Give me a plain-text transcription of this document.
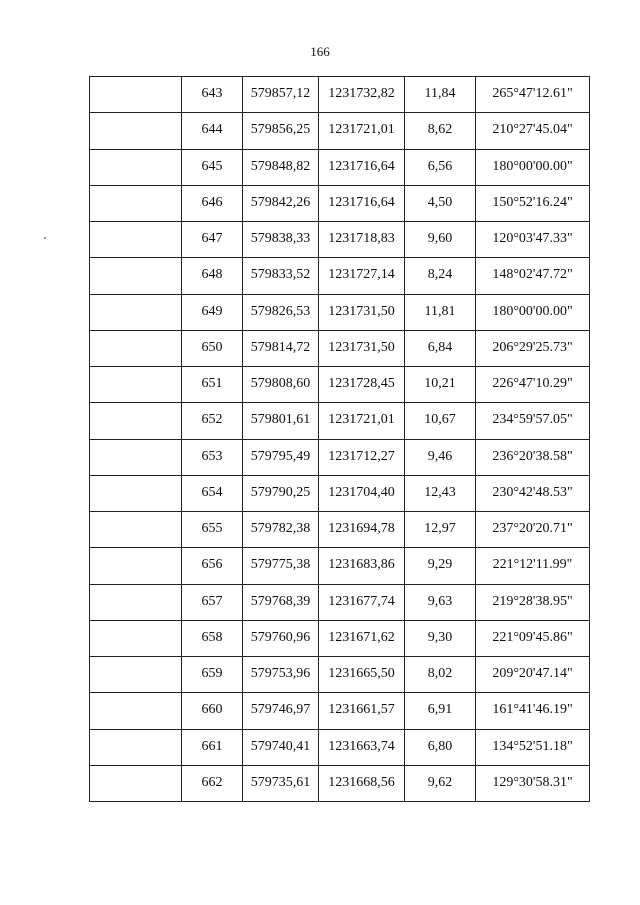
166
	643	579857,12	1231732,82	11,84	265°47'12.61"
	644	579856,25	1231721,01	8,62	210°27'45.04"
	645	579848,82	1231716,64	6,56	180°00'00.00"
	646	579842,26	1231716,64	4,50	150°52'16.24"
	647	579838,33	1231718,83	9,60	120°03'47.33"
	648	579833,52	1231727,14	8,24	148°02'47.72"
	649	579826,53	1231731,50	11,81	180°00'00.00"
	650	579814,72	1231731,50	6,84	206°29'25.73"
	651	579808,60	1231728,45	10,21	226°47'10.29"
	652	579801,61	1231721,01	10,67	234°59'57.05"
	653	579795,49	1231712,27	9,46	236°20'38.58"
	654	579790,25	1231704,40	12,43	230°42'48.53"
	655	579782,38	1231694,78	12,97	237°20'20.71"
	656	579775,38	1231683,86	9,29	221°12'11.99"
	657	579768,39	1231677,74	9,63	219°28'38.95"
	658	579760,96	1231671,62	9,30	221°09'45.86"
	659	579753,96	1231665,50	8,02	209°20'47.14"
	660	579746,97	1231661,57	6,91	161°41'46.19"
	661	579740,41	1231663,74	6,80	134°52'51.18"
	662	579735,61	1231668,56	9,62	129°30'58.31"
